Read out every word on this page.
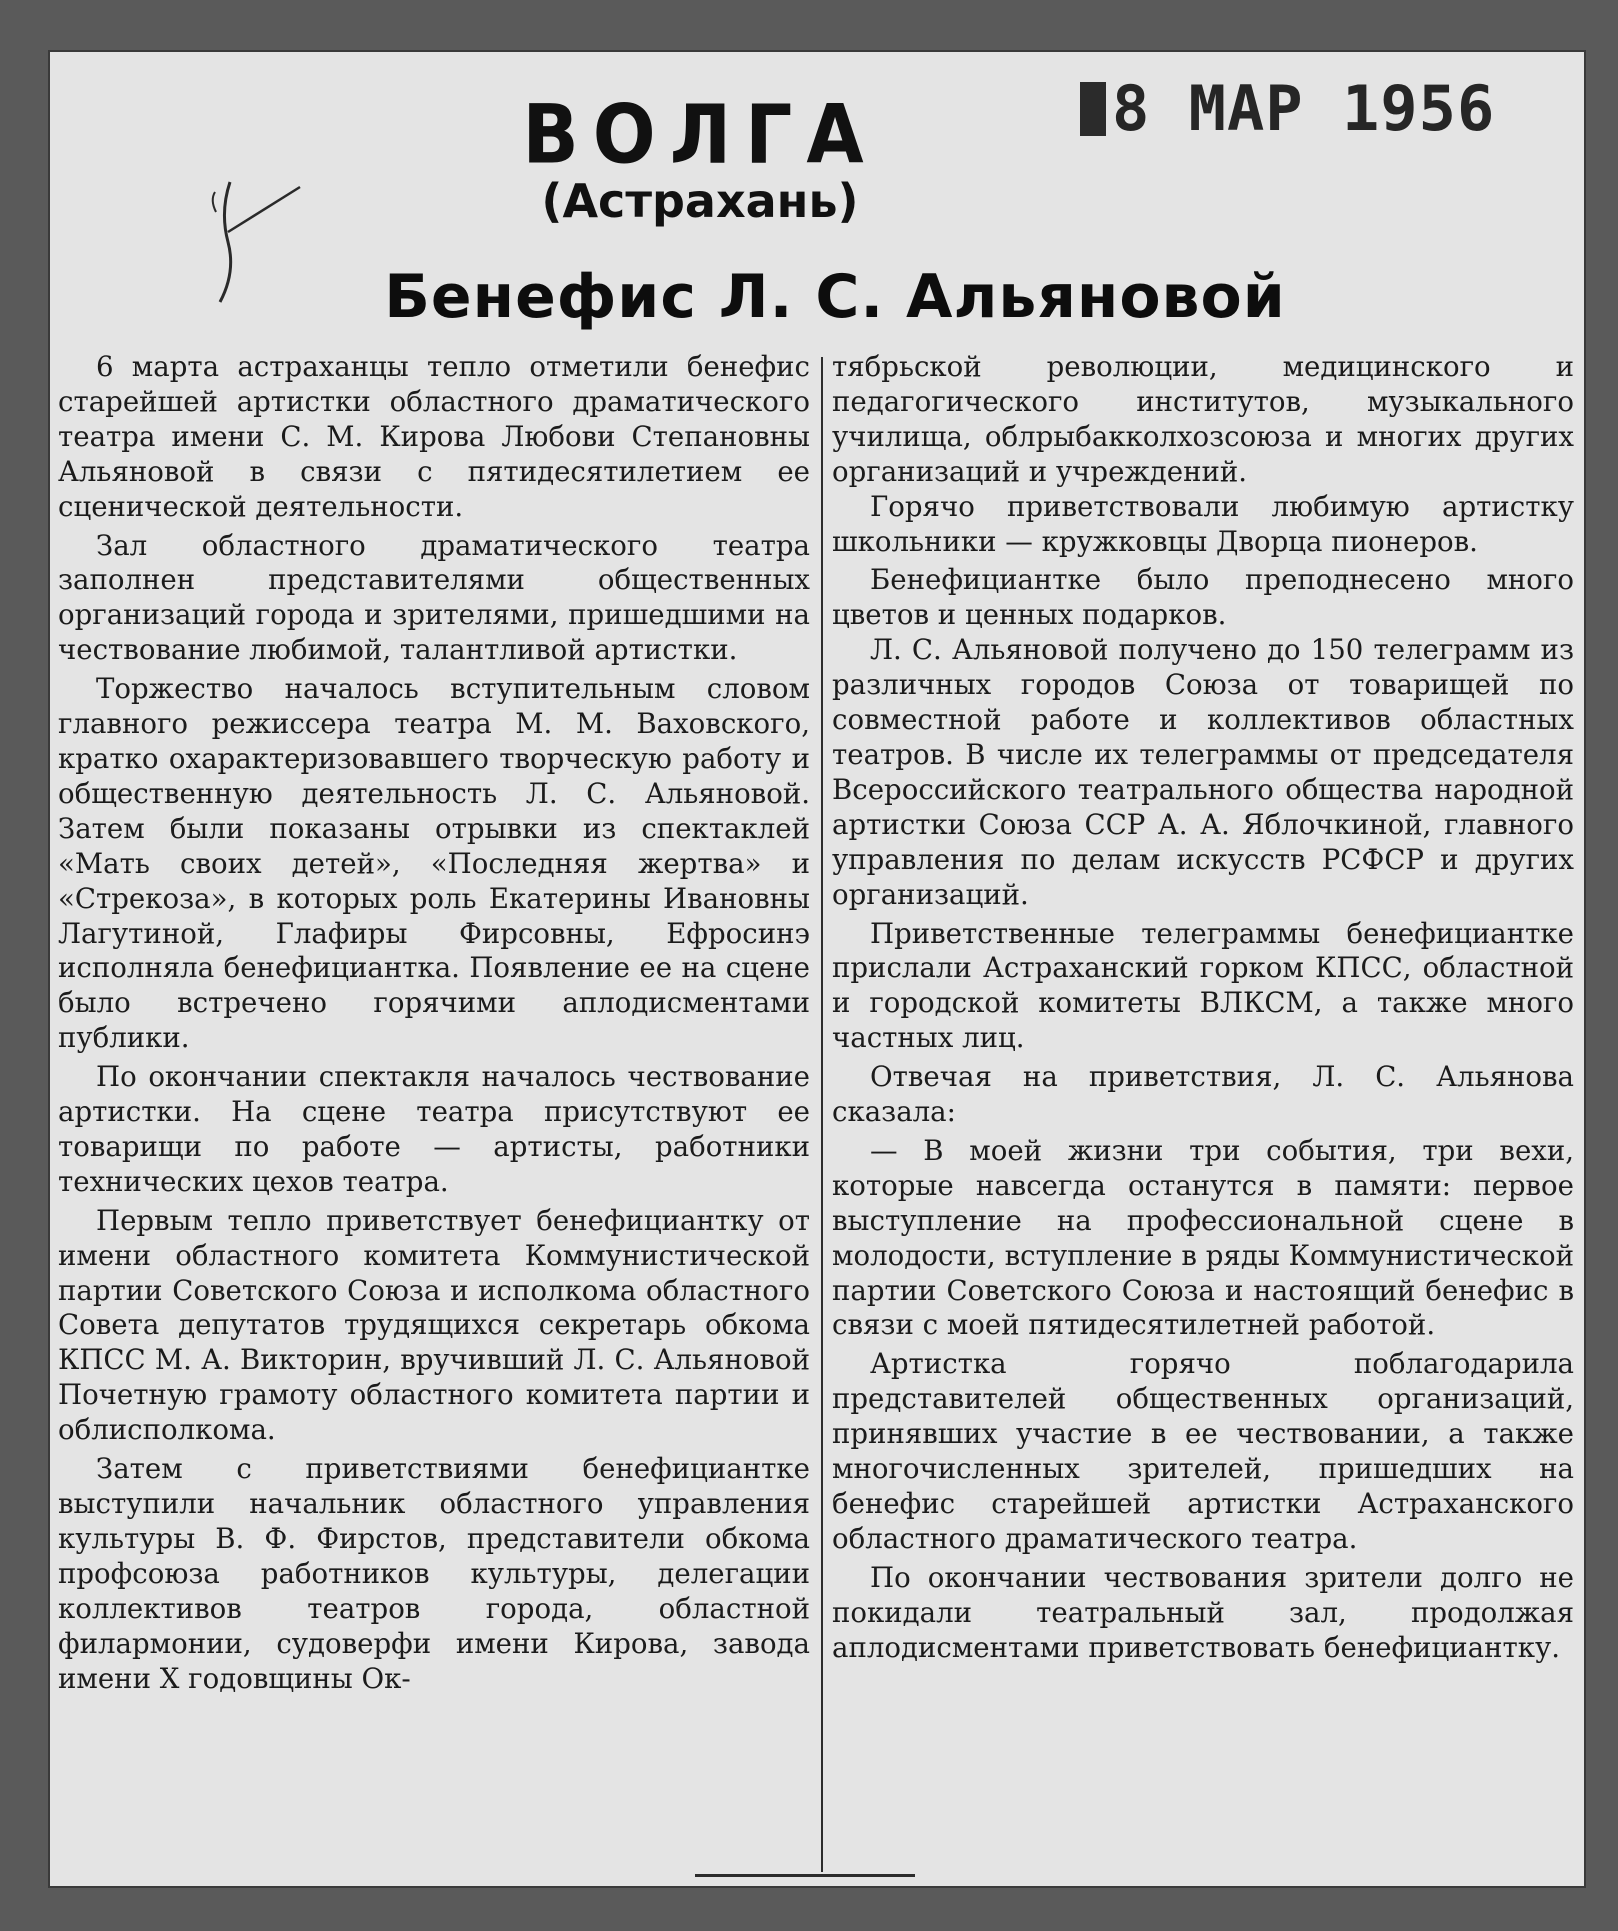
ВОЛГА
(Астрахань)
8 МАР 1956
Бенефис Л. С. Альяновой

6 марта астраханцы тепло отметили бенефис старейшей артистки областного драматического театра имени С. М. Кирова Любови Степановны Альяновой в связи с пятидесятилетием ее сценической деятельности.

Зал областного драматического театра заполнен представителями общественных организаций города и зрителями, пришедшими на чествование любимой, талантливой артистки.

Торжество началось вступительным словом главного режиссера театра М. М. Ваховского, кратко охарактеризовавшего творческую работу и общественную деятельность Л. С. Альяновой. Затем были показаны отрывки из спектаклей «Мать своих детей», «Последняя жертва» и «Стрекоза», в которых роль Екатерины Ивановны Лагутиной, Глафиры Фирсовны, Ефросинэ исполняла бенефициантка. Появление ее на сцене было встречено горячими аплодисментами публики.

По окончании спектакля началось чествование артистки. На сцене театра присутствуют ее товарищи по работе — артисты, работники технических цехов театра.

Первым тепло приветствует бенефициантку от имени областного комитета Коммунистической партии Советского Союза и исполкома областного Совета депутатов трудящихся секретарь обкома КПСС М. А. Викторин, вручивший Л. С. Альяновой Почетную грамоту областного комитета партии и облисполкома.

Затем с приветствиями бенефициантке выступили начальник областного управления культуры В. Ф. Фирстов, представители обкома профсоюза работников культуры, делегации коллективов театров города, областной филармонии, судоверфи имени Кирова, завода имени X годовщины Ок-

тябрьской революции, медицинского и педагогического институтов, музыкального училища, облрыбакколхозсоюза и многих других организаций и учреждений.

Горячо приветствовали любимую артистку школьники — кружковцы Дворца пионеров.

Бенефициантке было преподнесено много цветов и ценных подарков.

Л. С. Альяновой получено до 150 телеграмм из различных городов Союза от товарищей по совместной работе и коллективов областных театров. В числе их телеграммы от председателя Всероссийского театрального общества народной артистки Союза ССР А. А. Яблочкиной, главного управления по делам искусств РСФСР и других организаций.

Приветственные телеграммы бенефициантке прислали Астраханский горком КПСС, областной и городской комитеты ВЛКСМ, а также много частных лиц.

Отвечая на приветствия, Л. С. Альянова сказала:

— В моей жизни три события, три вехи, которые навсегда останутся в памяти: первое выступление на профессиональной сцене в молодости, вступление в ряды Коммунистической партии Советского Союза и настоящий бенефис в связи с моей пятидесятилетней работой.

Артистка горячо поблагодарила представителей общественных организаций, принявших участие в ее чествовании, а также многочисленных зрителей, пришедших на бенефис старейшей артистки Астраханского областного драматического театра.

По окончании чествования зрители долго не покидали театральный зал, продолжая аплодисментами приветствовать бенефициантку.
